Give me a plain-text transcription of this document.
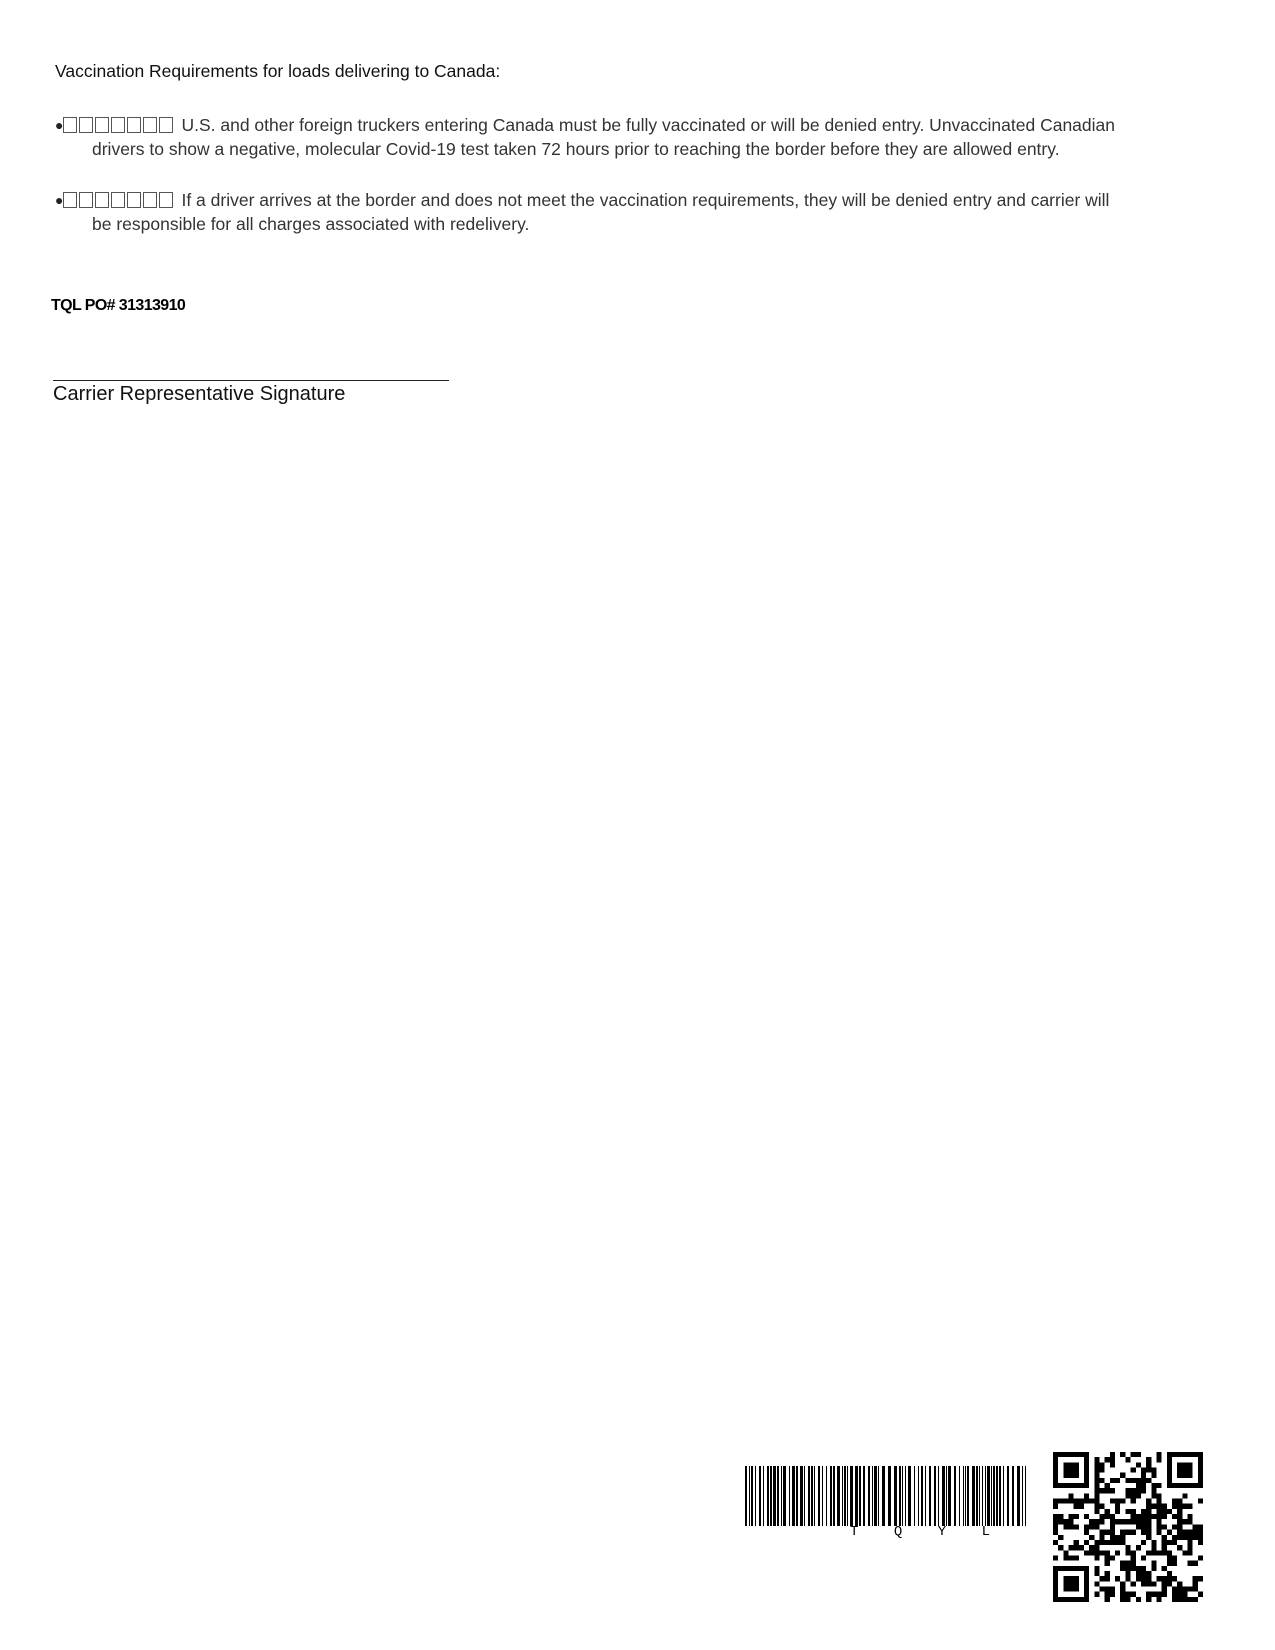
Vaccination Requirements for loads delivering to Canada:
●	U.S. and other foreign truckers entering Canada must be fully vaccinated or will be denied entry. Unvaccinated Canadian
drivers to show a negative, molecular Covid-19 test taken 72 hours prior to reaching the border before they are allowed entry.
●	If a driver arrives at the border and does not meet the vaccination requirements, they will be denied entry and carrier will
be responsible for all charges associated with redelivery.
TQL PO# 31313910
Carrier Representative Signature
T	Q	Y	L
